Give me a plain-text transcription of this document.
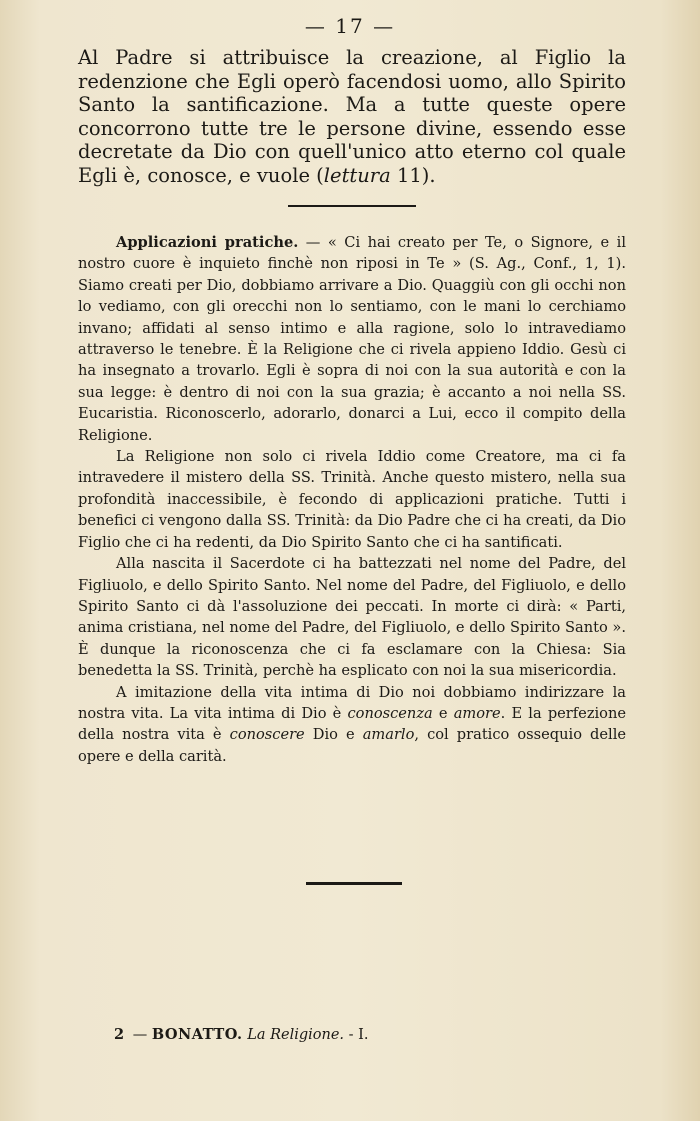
— 17 —
Al Padre si attribuisce la creazione, al Figlio la redenzione che Egli operò facendosi uomo, allo Spirito Santo la santificazione. Ma a tutte queste opere concorrono tutte tre le persone divine, essendo esse decretate da Dio con quell'unico atto eterno col quale Egli è, conosce, e vuole (lettura 11).

Applicazioni pratiche. — « Ci hai creato per Te, o Signore, e il nostro cuore è inquieto finchè non riposi in Te » (S. Ag., Conf., 1, 1). Siamo creati per Dio, dobbiamo arrivare a Dio. Quaggiù con gli occhi non lo vediamo, con gli orecchi non lo sentiamo, con le mani lo cerchiamo invano; affidati al senso intimo e alla ragione, solo lo intravediamo attraverso le tenebre. È la Religione che ci rivela appieno Iddio. Gesù ci ha insegnato a trovarlo. Egli è sopra di noi con la sua autorità e con la sua legge: è dentro di noi con la sua grazia; è accanto a noi nella SS. Eucaristia. Riconoscerlo, adorarlo, donarci a Lui, ecco il compito della Religione.

La Religione non solo ci rivela Iddio come Creatore, ma ci fa intravedere il mistero della SS. Trinità. Anche questo mistero, nella sua profondità inaccessibile, è fecondo di applicazioni pratiche. Tutti i benefici ci vengono dalla SS. Trinità: da Dio Padre che ci ha creati, da Dio Figlio che ci ha redenti, da Dio Spirito Santo che ci ha santificati.

Alla nascita il Sacerdote ci ha battezzati nel nome del Padre, del Figliuolo, e dello Spirito Santo. Nel nome del Padre, del Figliuolo, e dello Spirito Santo ci dà l'assoluzione dei peccati. In morte ci dirà: « Parti, anima cristiana, nel nome del Padre, del Figliuolo, e dello Spirito Santo ». È dunque la riconoscenza che ci fa esclamare con la Chiesa: Sia benedetta la SS. Trinità, perchè ha esplicato con noi la sua misericordia.

A imitazione della vita intima di Dio noi dobbiamo indirizzare la nostra vita. La vita intima di Dio è conoscenza e amore. E la perfezione della nostra vita è conoscere Dio e amarlo, col pratico ossequio delle opere e della carità.

2 — BONATTO. La Religione. - I.
